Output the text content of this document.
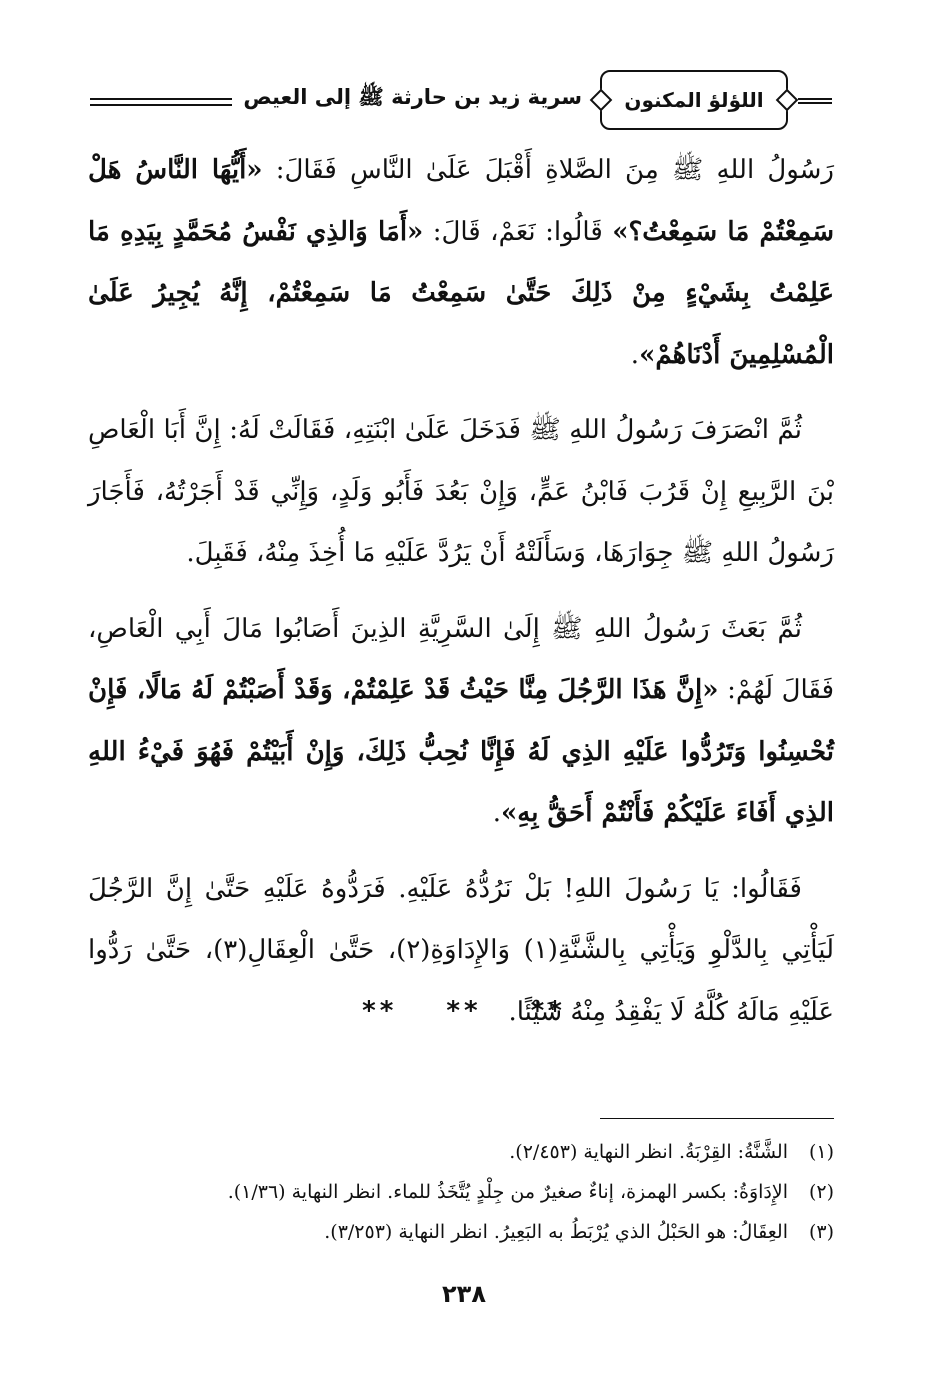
اللؤلؤ المكنون
سرية زيد بن حارثة ﷺ إلى العيص

رَسُولُ اللهِ ﷺ مِنَ الصَّلاةِ أَقْبَلَ عَلَىٰ النَّاسِ فَقَالَ: «أَيُّهَا النَّاسُ هَلْ سَمِعْتُمْ مَا سَمِعْتُ؟» قَالُوا: نَعَمْ، قَالَ: «أَمَا وَالذِي نَفْسُ مُحَمَّدٍ بِيَدِهِ مَا عَلِمْتُ بِشَيْءٍ مِنْ ذَلِكَ حَتَّىٰ سَمِعْتُ مَا سَمِعْتُمْ، إِنَّهُ يُجِيرُ عَلَىٰ الْمُسْلِمِينَ أَدْنَاهُمْ».

ثُمَّ انْصَرَفَ رَسُولُ اللهِ ﷺ فَدَخَلَ عَلَىٰ ابْنَتِهِ، فَقَالَتْ لَهُ: إِنَّ أَبَا الْعَاصِ بْنَ الرَّبِيعِ إِنْ قَرُبَ فَابْنُ عَمٍّ، وَإِنْ بَعُدَ فَأَبُو وَلَدٍ، وَإِنِّي قَدْ أَجَرْتُهُ، فَأَجَارَ رَسُولُ اللهِ ﷺ جِوَارَهَا، وَسَأَلَتْهُ أَنْ يَرُدَّ عَلَيْهِ مَا أُخِذَ مِنْهُ، فَقَبِلَ.

ثُمَّ بَعَثَ رَسُولُ اللهِ ﷺ إِلَىٰ السَّرِيَّةِ الذِينَ أَصَابُوا مَالَ أَبِي الْعَاصِ، فَقَالَ لَهُمْ: «إِنَّ هَذَا الرَّجُلَ مِنَّا حَيْثُ قَدْ عَلِمْتُمْ، وَقَدْ أَصَبْتُمْ لَهُ مَالًا، فَإِنْ تُحْسِنُوا وَتَرُدُّوا عَلَيْهِ الذِي لَهُ فَإِنَّا نُحِبُّ ذَلِكَ، وَإِنْ أَبَيْتُمْ فَهُوَ فَيْءُ اللهِ الذِي أَفَاءَ عَلَيْكُمْ فَأَنْتُمْ أَحَقُّ بِهِ».

فَقَالُوا: يَا رَسُولَ اللهِ! بَلْ نَرُدُّهُ عَلَيْهِ. فَرَدُّوهُ عَلَيْهِ حَتَّىٰ إِنَّ الرَّجُلَ لَيَأْتِي بِالدَّلْوِ وَيَأْتِي بِالشَّنَّةِ(١) وَالإِدَاوَةِ(٢)، حَتَّىٰ الْعِقَالِ(٣)، حَتَّىٰ رَدُّوا عَلَيْهِ مَالَهُ كُلَّهُ لَا يَفْقِدُ مِنْهُ شَيْئًا.

** ** **
(١)الشَّنَّةُ: القِرْبَةُ. انظر النهاية (٢/٤٥٣).
(٢)الإِدَاوَةُ: بكسر الهمزة، إناءٌ صغيرٌ من جِلْدٍ يُتَّخَذُ للماء. انظر النهاية (١/٣٦).
(٣)العِقَالُ: هو الحَبْلُ الذي يُرْبَطُ به البَعِيرُ. انظر النهاية (٣/٢٥٣).
٢٣٨
